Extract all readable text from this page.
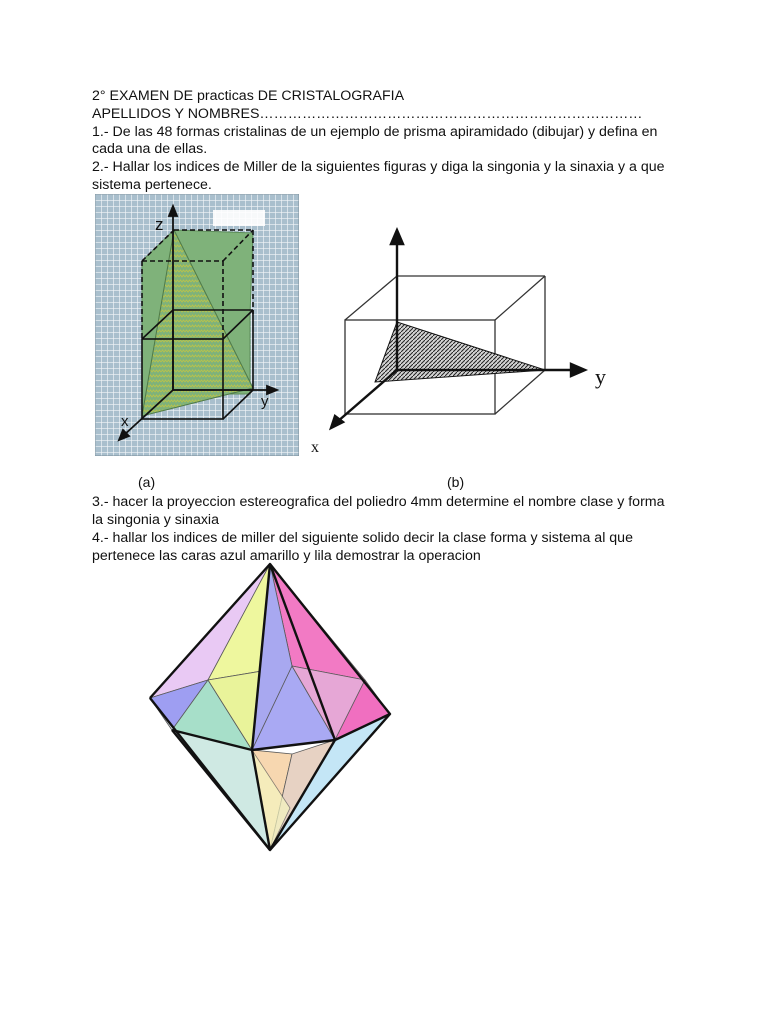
2° EXAMEN DE practicas DE CRISTALOGRAFIA
APELLIDOS Y NOMBRES………………………………………………………………………
1.- De las 48 formas cristalinas de un ejemplo de prisma apiramidado (dibujar) y defina en
cada una de ellas.
2.- Hallar los indices de Miller de la siguientes figuras y diga la singonia y la sinaxia y a que
sistema pertenece.
z
x
y
y
x
(a)	(b)
3.- hacer la proyeccion estereografica del poliedro 4mm determine el nombre clase y forma
la singonia y sinaxia
4.- hallar los indices de miller del siguiente solido decir la clase forma y sistema al que
pertenece las caras azul amarillo y lila demostrar la operacion
